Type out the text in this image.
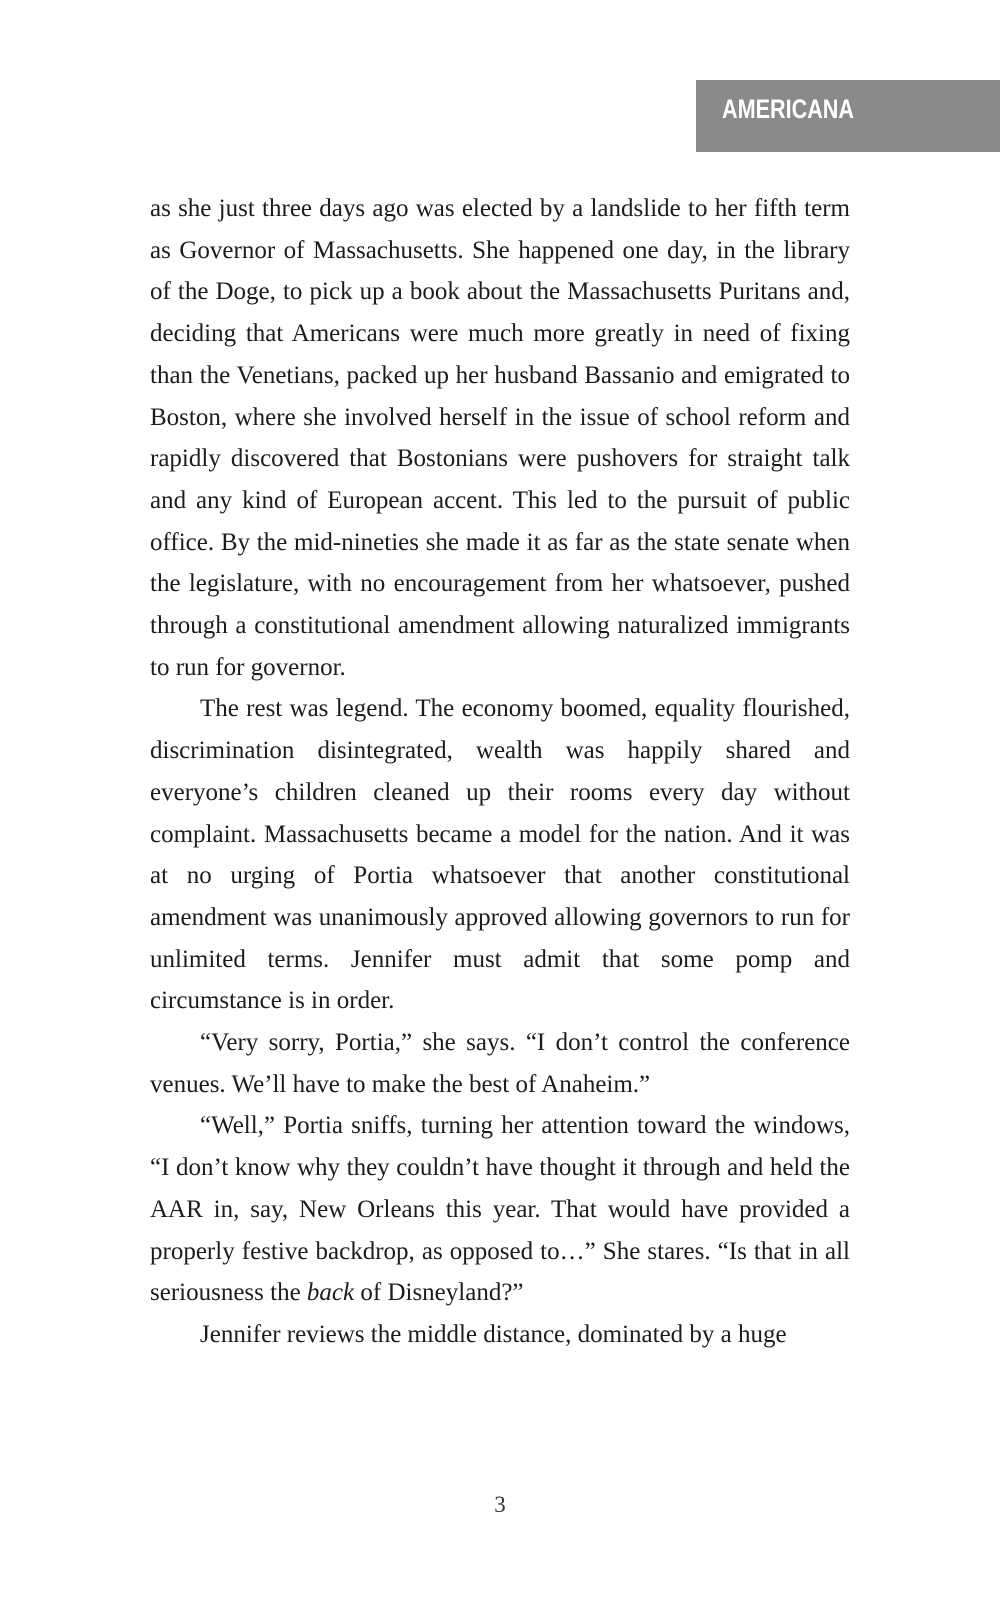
AMERICANA

as she just three days ago was elected by a landslide to her fifth term as Governor of Massachusetts. She happened one day, in the library of the Doge, to pick up a book about the Massachusetts Puritans and, deciding that Americans were much more greatly in need of fixing than the Venetians, packed up her husband Bassanio and emigrated to Boston, where she involved herself in the issue of school reform and rapidly discovered that Bostonians were pushovers for straight talk and any kind of European accent. This led to the pursuit of public office. By the mid-nineties she made it as far as the state senate when the legislature, with no encouragement from her whatsoever, pushed through a constitutional amendment allowing naturalized immigrants to run for governor.

The rest was legend. The economy boomed, equality flourished, discrimination disintegrated, wealth was happily shared and everyone’s children cleaned up their rooms every day without complaint. Massachusetts became a model for the nation. And it was at no urging of Portia whatsoever that another constitutional amendment was unanimously approved allowing governors to run for unlimited terms. Jennifer must admit that some pomp and circumstance is in order.

“Very sorry, Portia,” she says. “I don’t control the conference venues. We’ll have to make the best of Anaheim.”

“Well,” Portia sniffs, turning her attention toward the windows, “I don’t know why they couldn’t have thought it through and held the AAR in, say, New Orleans this year. That would have provided a properly festive backdrop, as opposed to…” She stares. “Is that in all seriousness the back of Disneyland?”

Jennifer reviews the middle distance, dominated by a huge

3
